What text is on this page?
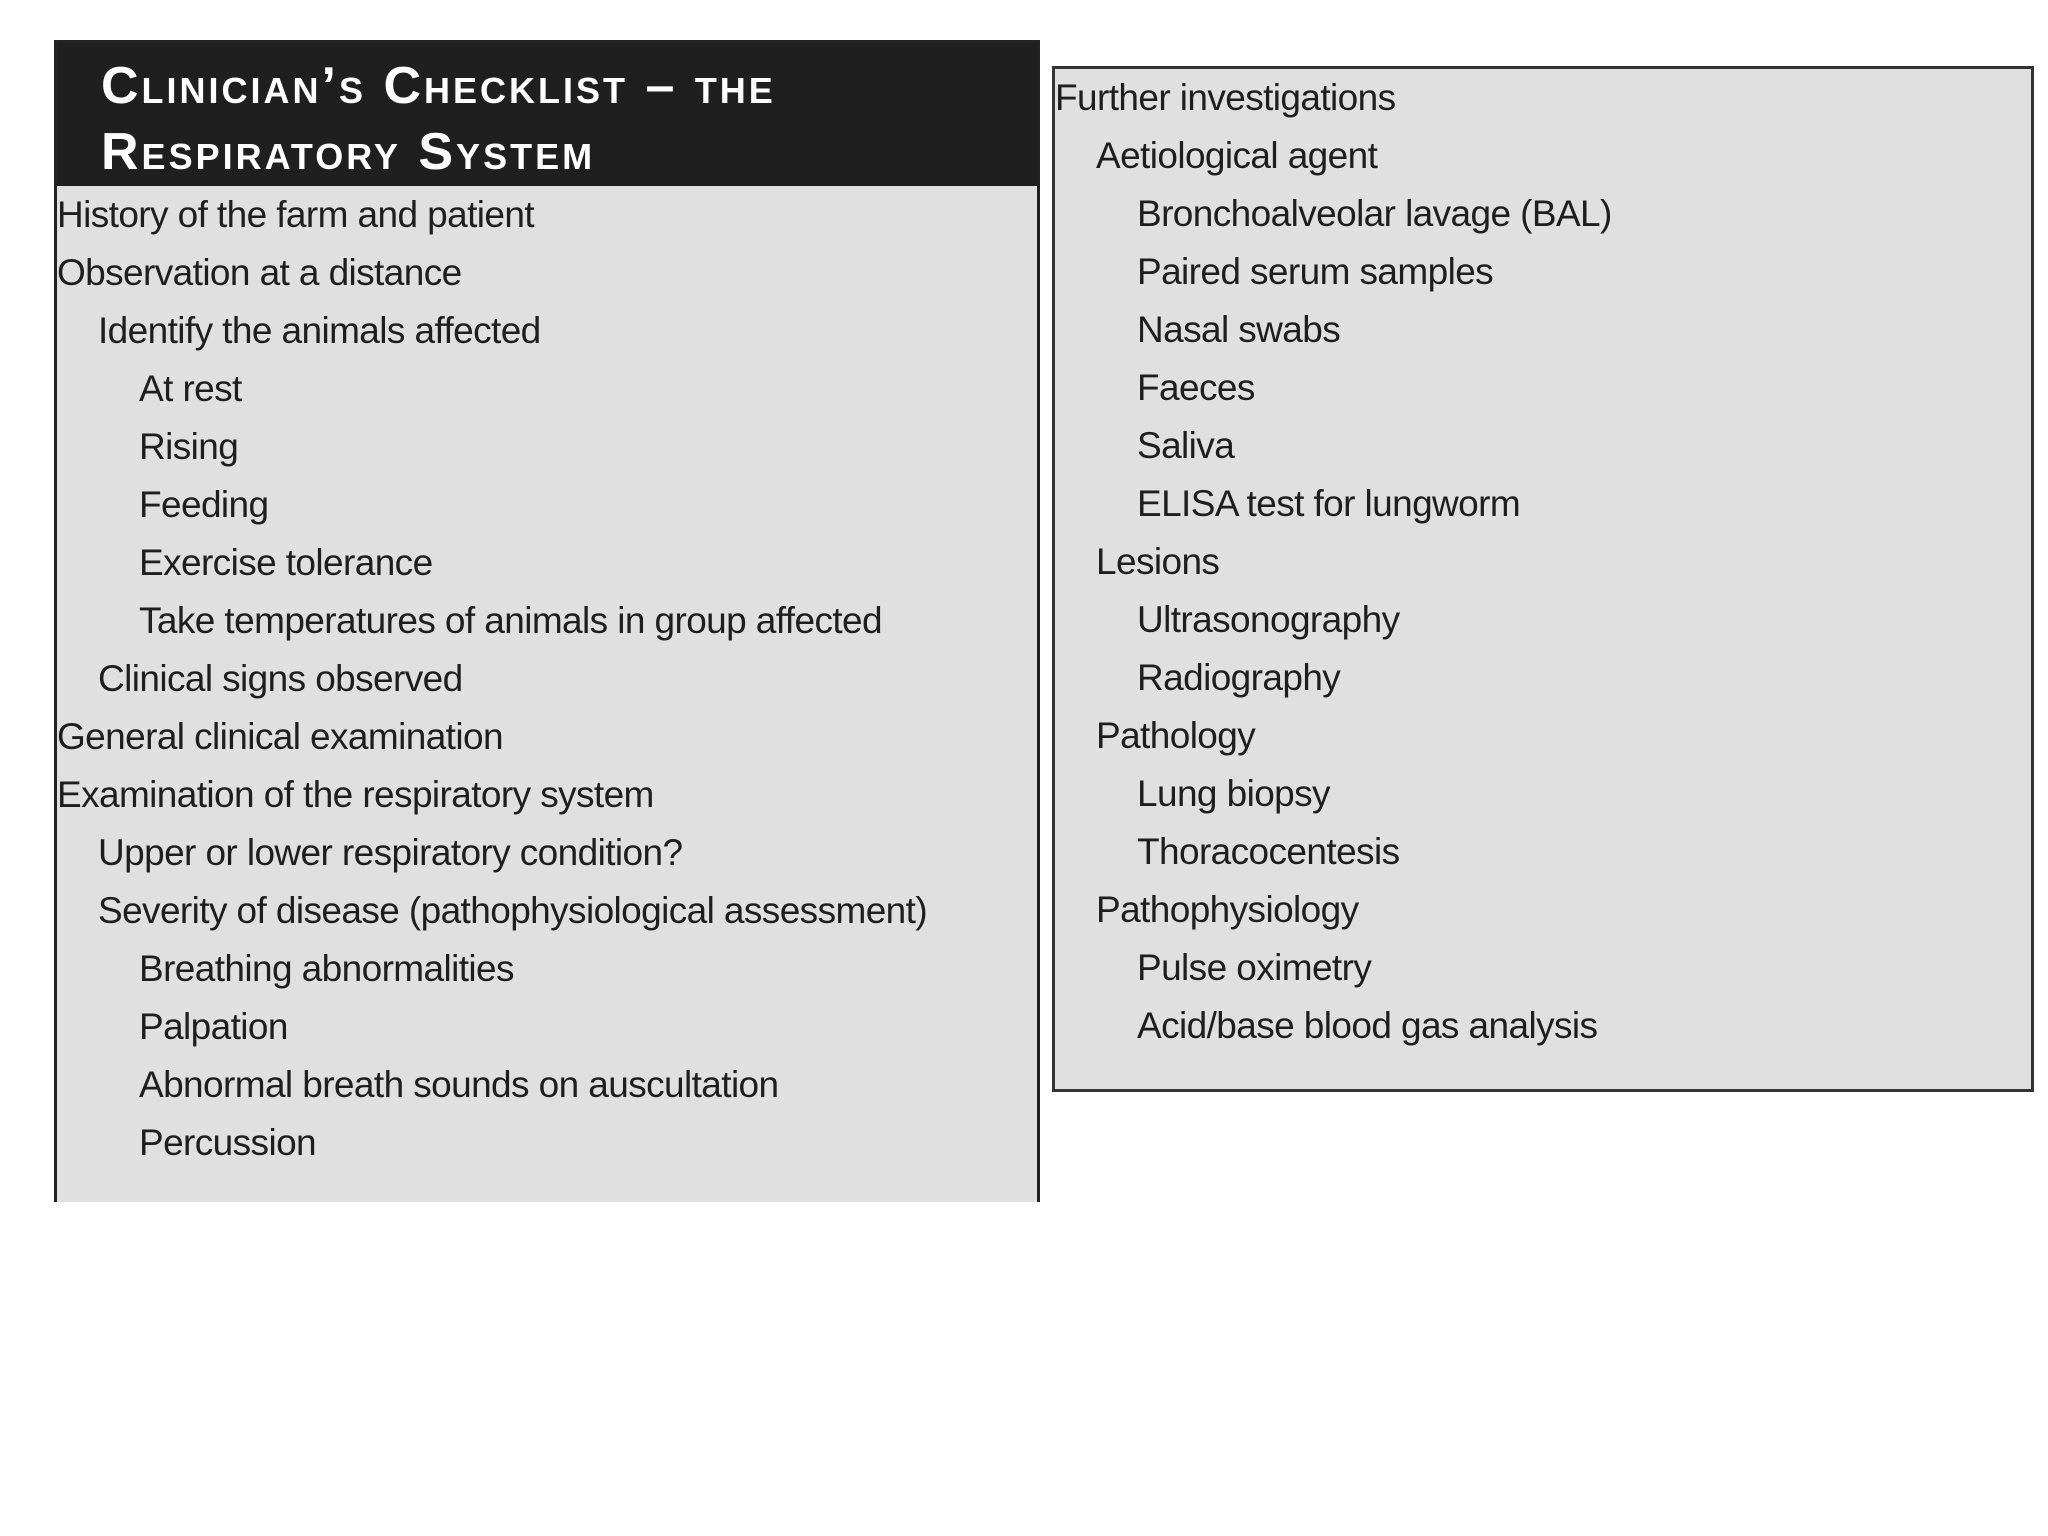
Clinician’s Checklist – the
Respiratory System
History of the farm and patient
Observation at a distance
Identify the animals affected
At rest
Rising
Feeding
Exercise tolerance
Take temperatures of animals in group affected
Clinical signs observed
General clinical examination
Examination of the respiratory system
Upper or lower respiratory condition?
Severity of disease (pathophysiological assessment)
Breathing abnormalities
Palpation
Abnormal breath sounds on auscultation
Percussion
Further investigations
Aetiological agent
Bronchoalveolar lavage (BAL)
Paired serum samples
Nasal swabs
Faeces
Saliva
ELISA test for lungworm
Lesions
Ultrasonography
Radiography
Pathology
Lung biopsy
Thoracocentesis
Pathophysiology
Pulse oximetry
Acid/base blood gas analysis
